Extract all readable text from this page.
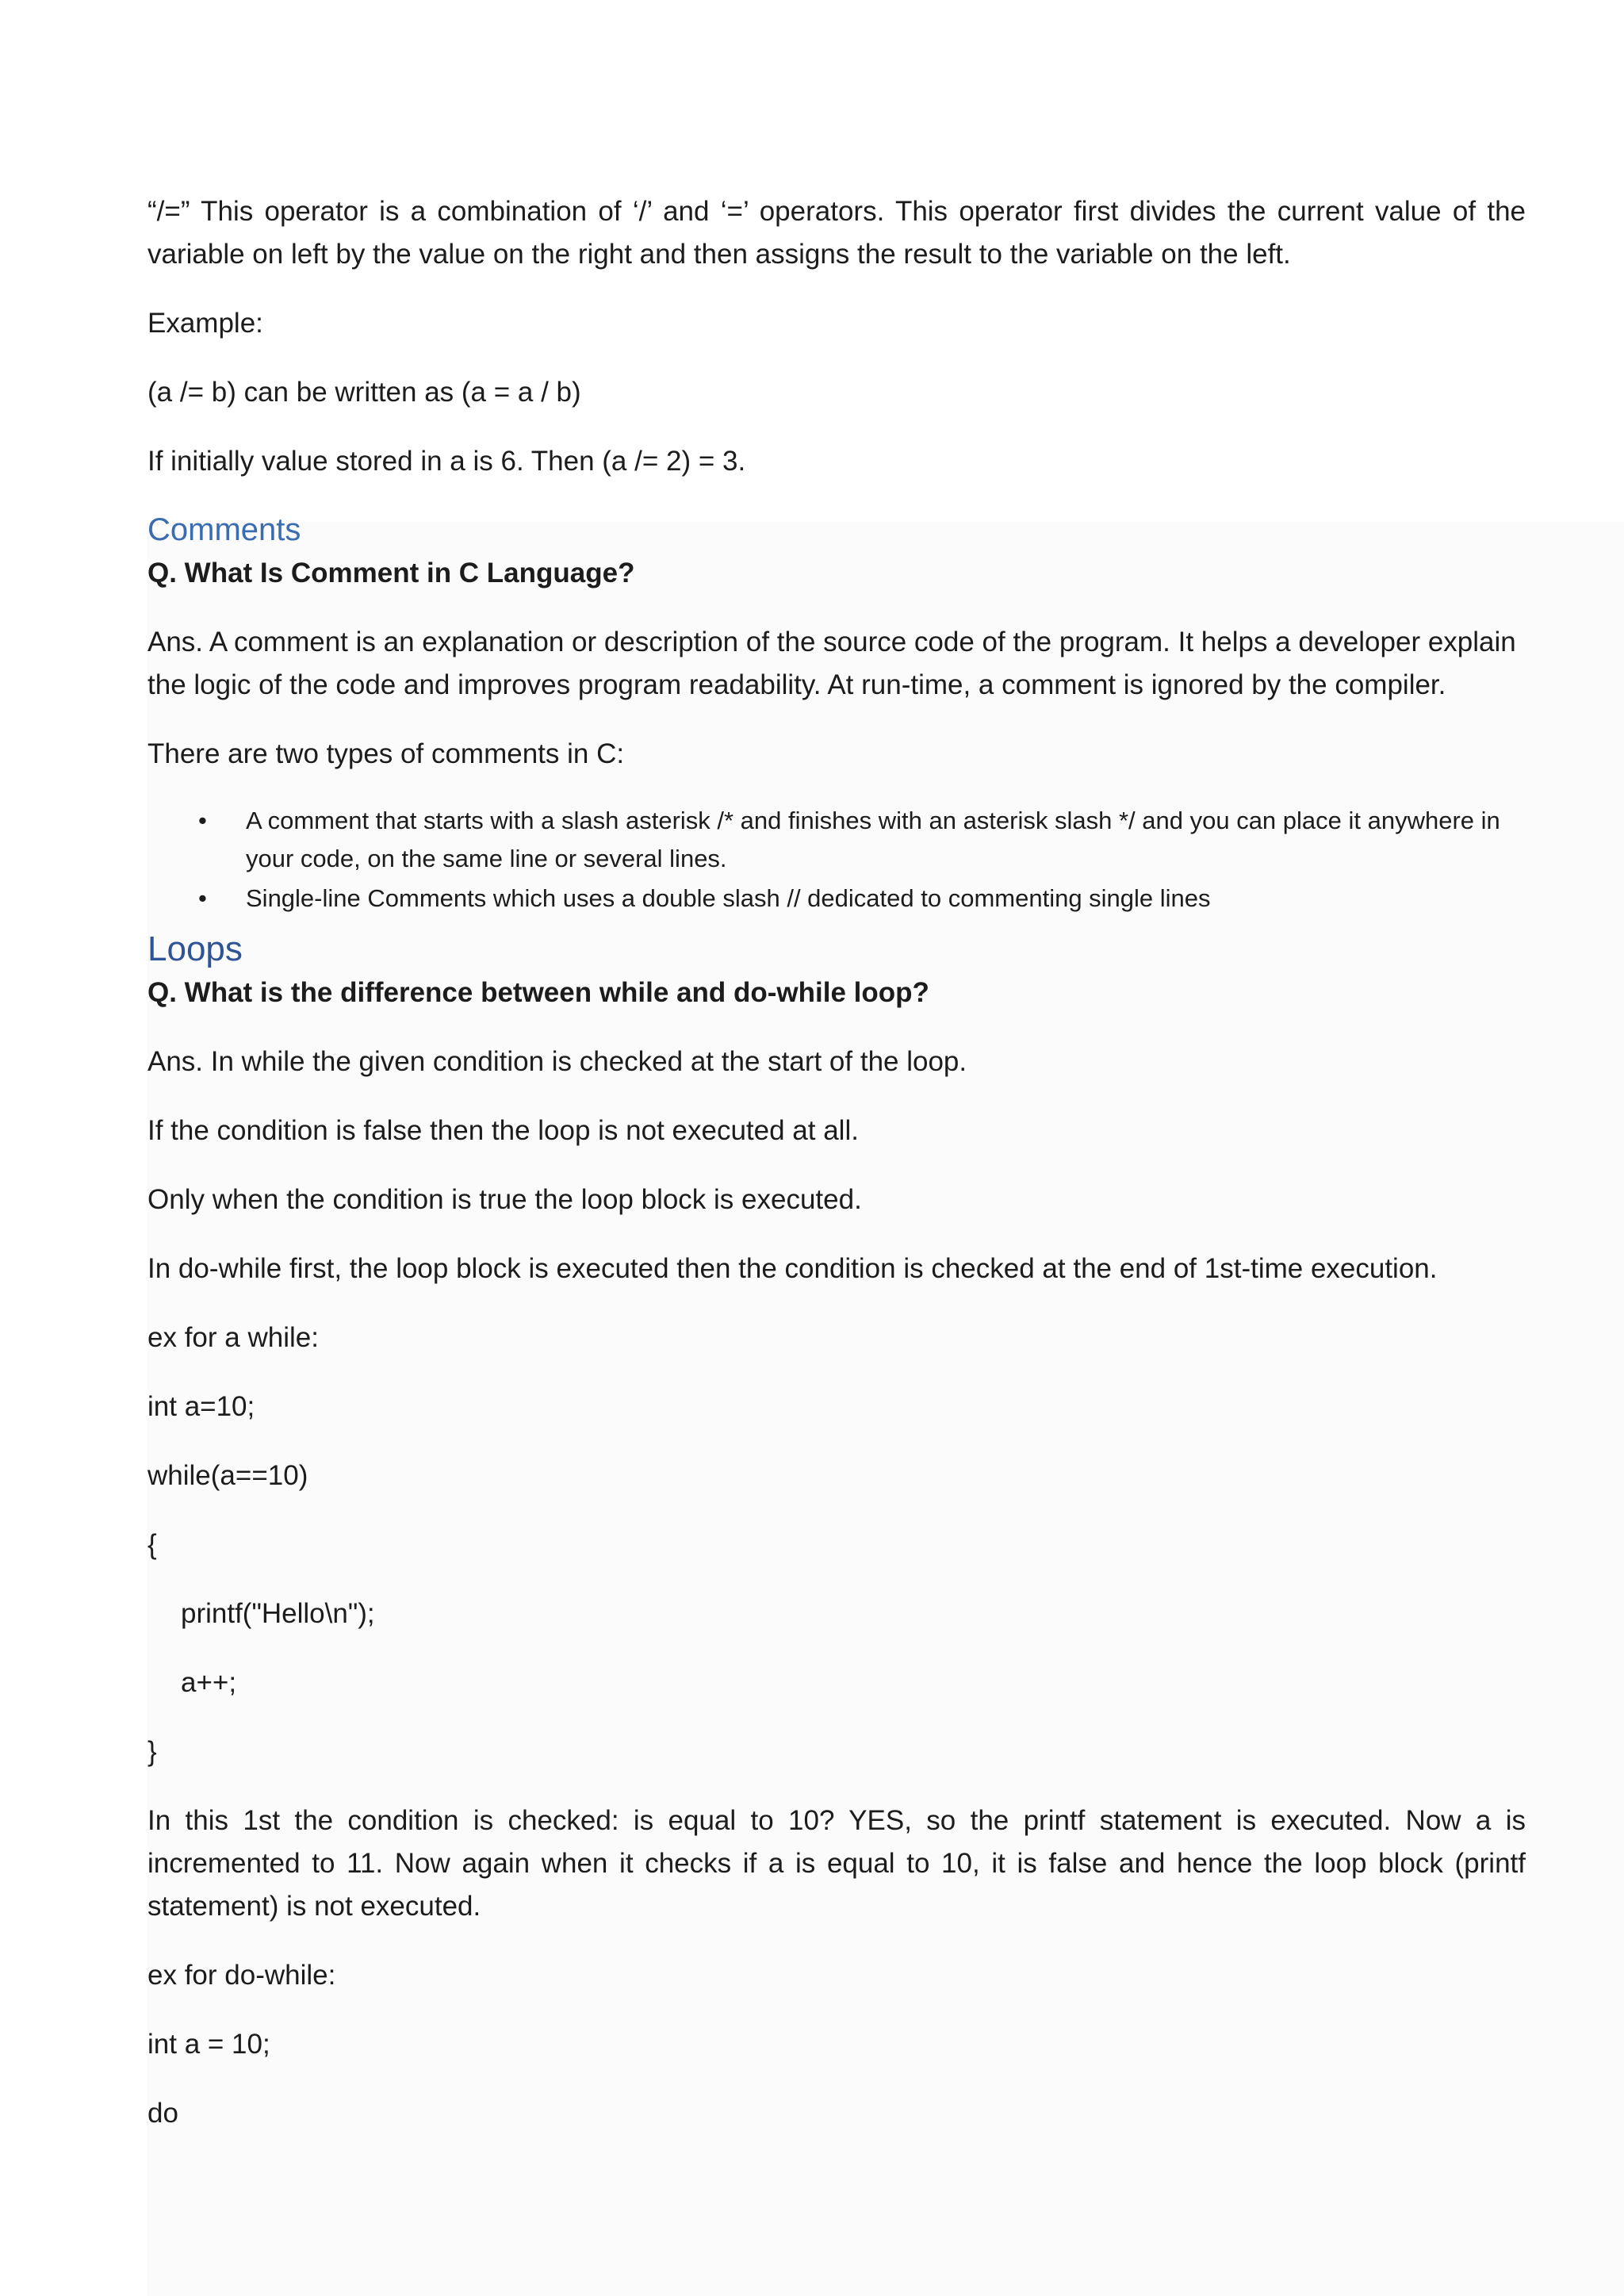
“/=” This operator is a combination of ‘/’ and ‘=’ operators. This operator first divides the current value of the variable on left by the value on the right and then assigns the result to the variable on the left.

Example:

(a /= b) can be written as (a = a / b)

If initially value stored in a is 6. Then (a /= 2) = 3.

Comments

Q. What Is Comment in C Language?

Ans. A comment is an explanation or description of the source code of the program. It helps a developer explain the logic of the code and improves program readability. At run-time, a comment is ignored by the compiler.

There are two types of comments in C:

• A comment that starts with a slash asterisk /* and finishes with an asterisk slash */ and you can place it anywhere in your code, on the same line or several lines.
• Single-line Comments which uses a double slash // dedicated to commenting single lines
Loops

Q. What is the difference between while and do-while loop?

Ans. In while the given condition is checked at the start of the loop.

If the condition is false then the loop is not executed at all.

Only when the condition is true the loop block is executed.

In do-while first, the loop block is executed then the condition is checked at the end of 1st-time execution.

ex for a while:

int a=10;

while(a==10)

{

printf("Hello\n");

a++;

}

In this 1st the condition is checked: is equal to 10? YES, so the printf statement is executed. Now a is incremented to 11. Now again when it checks if a is equal to 10, it is false and hence the loop block (printf statement) is not executed.

ex for do-while:

int a = 10;

do
